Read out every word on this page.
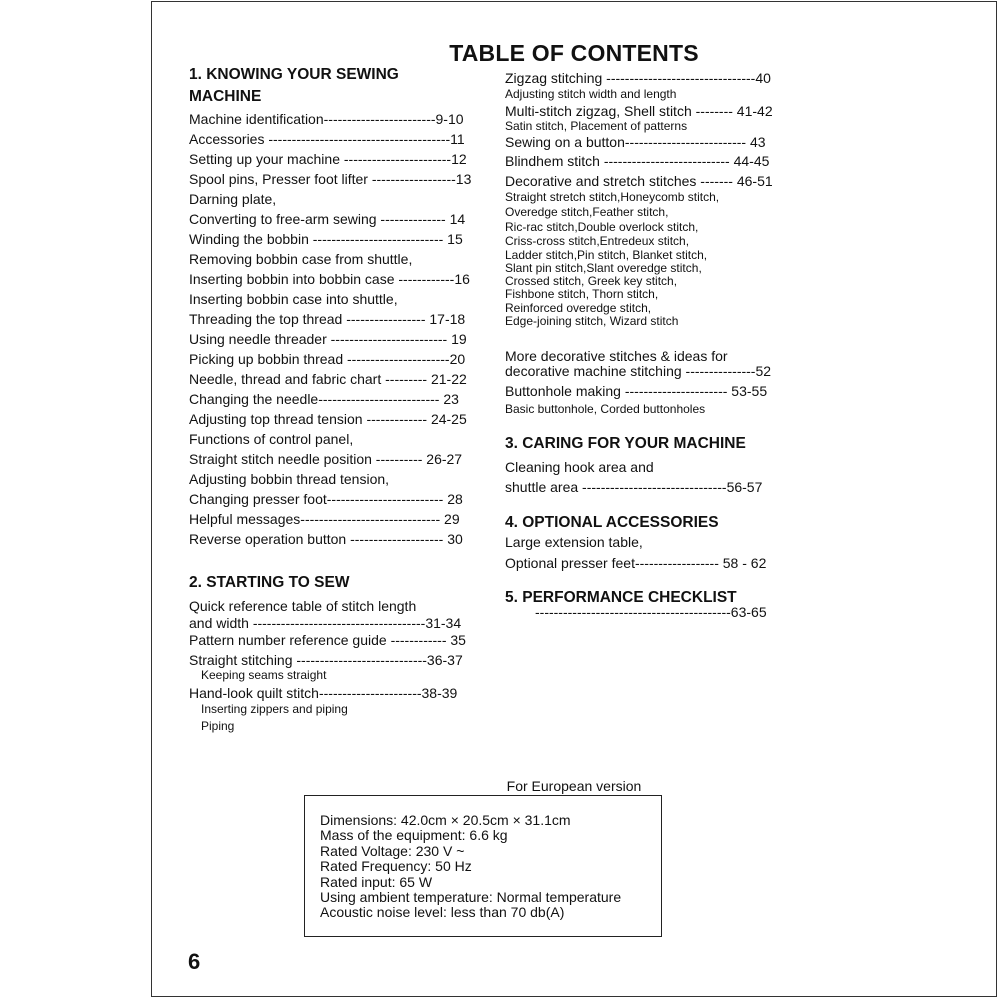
TABLE OF CONTENTS
1. KNOWING YOUR SEWING
MACHINE
Machine identification------------------------9-10
Accessories ---------------------------------------11
Setting up your machine -----------------------12
Spool pins, Presser foot lifter ------------------13
Darning plate,
Converting to free-arm sewing -------------- 14
Winding the bobbin ---------------------------- 15
Removing bobbin case from shuttle,
Inserting bobbin into bobbin case ------------16
Inserting bobbin case into shuttle,
Threading the top thread ----------------- 17-18
Using needle threader ------------------------- 19
Picking up bobbin thread ----------------------20
Needle, thread and fabric chart --------- 21-22
Changing the needle-------------------------- 23
Adjusting top thread tension ------------- 24-25
Functions of control panel,
Straight stitch needle position ---------- 26-27
Adjusting bobbin thread tension,
Changing presser foot------------------------- 28
Helpful messages------------------------------ 29
Reverse operation button -------------------- 30
2. STARTING TO SEW
Quick reference table of stitch length
and width -------------------------------------31-34
Pattern number reference guide ------------ 35
Straight stitching ----------------------------36-37
Keeping seams straight
Hand-look quilt stitch----------------------38-39
Inserting zippers and piping
Piping
Zigzag stitching --------------------------------40
Adjusting stitch width and length
Multi-stitch zigzag, Shell stitch -------- 41-42
Satin stitch, Placement of patterns
Sewing on a button-------------------------- 43
Blindhem stitch --------------------------- 44-45
Decorative and stretch stitches ------- 46-51
Straight stretch stitch,Honeycomb stitch,
Overedge stitch,Feather stitch,
Ric-rac stitch,Double overlock stitch,
Criss-cross stitch,Entredeux stitch,
Ladder stitch,Pin stitch, Blanket stitch,
Slant pin stitch,Slant overedge stitch,
Crossed stitch, Greek key stitch,
Fishbone stitch, Thorn stitch,
Reinforced overedge stitch,
Edge-joining stitch, Wizard stitch
More decorative stitches & ideas for
decorative machine stitching ---------------52
Buttonhole making ---------------------- 53-55
Basic buttonhole, Corded buttonholes
3. CARING FOR YOUR MACHINE
Cleaning hook area and
shuttle area -------------------------------56-57
4. OPTIONAL ACCESSORIES
Large extension table,
Optional presser feet------------------ 58 - 62
5. PERFORMANCE CHECKLIST
------------------------------------------63-65
For European version
Dimensions: 42.0cm × 20.5cm × 31.1cm
Mass of the equipment: 6.6 kg
Rated Voltage: 230 V ~
Rated Frequency: 50 Hz
Rated input: 65 W
Using ambient temperature: Normal temperature
Acoustic noise level: less than 70 db(A)
6
